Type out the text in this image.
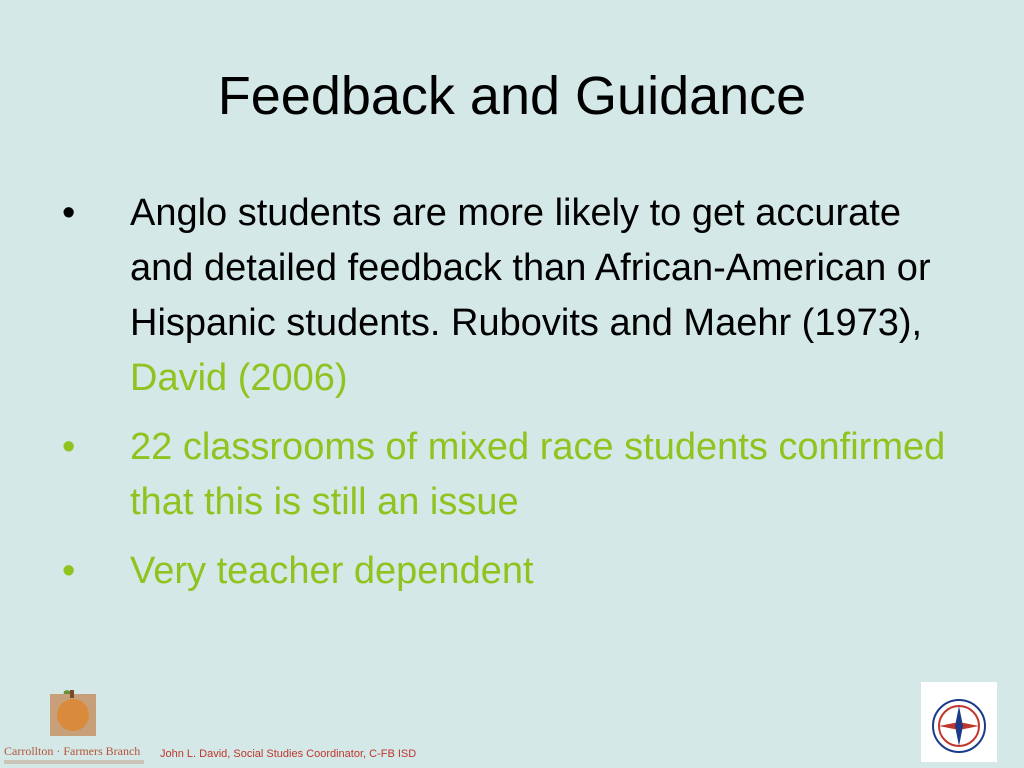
Feedback and Guidance
• Anglo students are more likely to get accurate and detailed feedback than African-American or Hispanic students. Rubovits and Maehr (1973), David (2006)
• 22 classrooms of mixed race students confirmed that this is still an issue
• Very teacher dependent
Carrollton · Farmers Branch John L. David, Social Studies Coordinator, C-FB ISD
